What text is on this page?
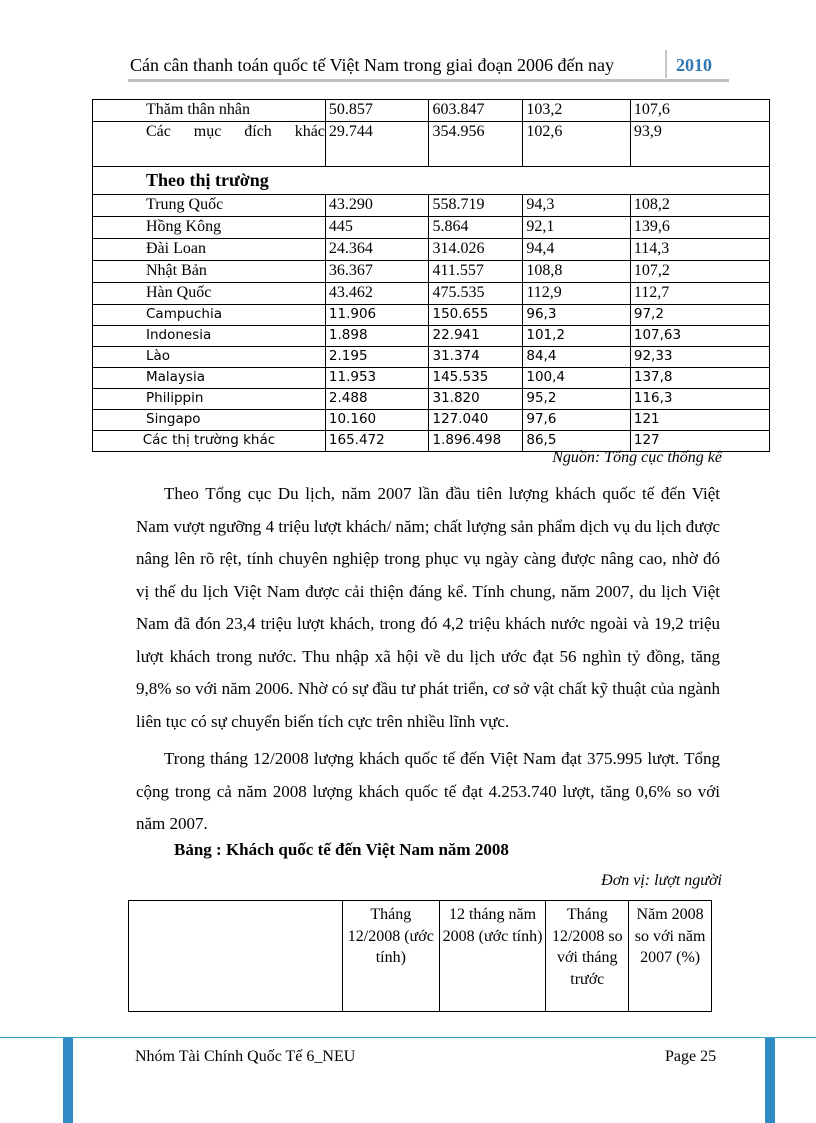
Cán cân thanh toán quốc tế Việt Nam trong giai đoạn 2006 đến nay	2010
Thăm thân nhân	50.857	603.847	103,2	107,6
Các mục đích khác	29.744	354.956	102,6	93,9
Theo thị trường				
Trung Quốc	43.290	558.719	94,3	108,2
Hồng Kông	445	5.864	92,1	139,6
Đài Loan	24.364	314.026	94,4	114,3
Nhật Bản	36.367	411.557	108,8	107,2
Hàn Quốc	43.462	475.535	112,9	112,7
Campuchia	11.906	150.655	96,3	97,2
Indonesia	1.898	22.941	101,2	107,63
Lào	2.195	31.374	84,4	92,33
Malaysia	11.953	145.535	100,4	137,8
Philippin	2.488	31.820	95,2	116,3
Singapo	10.160	127.040	97,6	121
Các thị trường khác	165.472	1.896.498	86,5	127
Nguồn: Tổng cục thống kê

Theo Tổng cục Du lịch, năm 2007 lần đầu tiên lượng khách quốc tế đến Việt Nam vượt ngưỡng 4 triệu lượt khách/ năm; chất lượng sản phẩm dịch vụ du lịch được nâng lên rõ rệt, tính chuyên nghiệp trong phục vụ ngày càng được nâng cao, nhờ đó vị thế du lịch Việt Nam được cải thiện đáng kể. Tính chung, năm 2007, du lịch Việt Nam đã đón 23,4 triệu lượt khách, trong đó 4,2 triệu khách nước ngoài và 19,2 triệu lượt khách trong nước. Thu nhập xã hội về du lịch ước đạt 56 nghìn tỷ đồng, tăng 9,8% so với năm 2006. Nhờ có sự đầu tư phát triển, cơ sở vật chất kỹ thuật của ngành liên tục có sự chuyển biến tích cực trên nhiều lĩnh vực.

Trong tháng 12/2008 lượng khách quốc tế đến Việt Nam đạt 375.995 lượt. Tổng cộng trong cả năm 2008 lượng khách quốc tế đạt 4.253.740 lượt, tăng 0,6% so với năm 2007.

Bảng : Khách quốc tế đến Việt Nam năm 2008
Đơn vị: lượt người
	Tháng 12/2008 (ước tính)	12 tháng năm 2008 (ước tính)	Tháng 12/2008 so với tháng trước	Năm 2008 so với năm 2007 (%)
Nhóm Tài Chính Quốc Tế 6_NEU	Page 25
